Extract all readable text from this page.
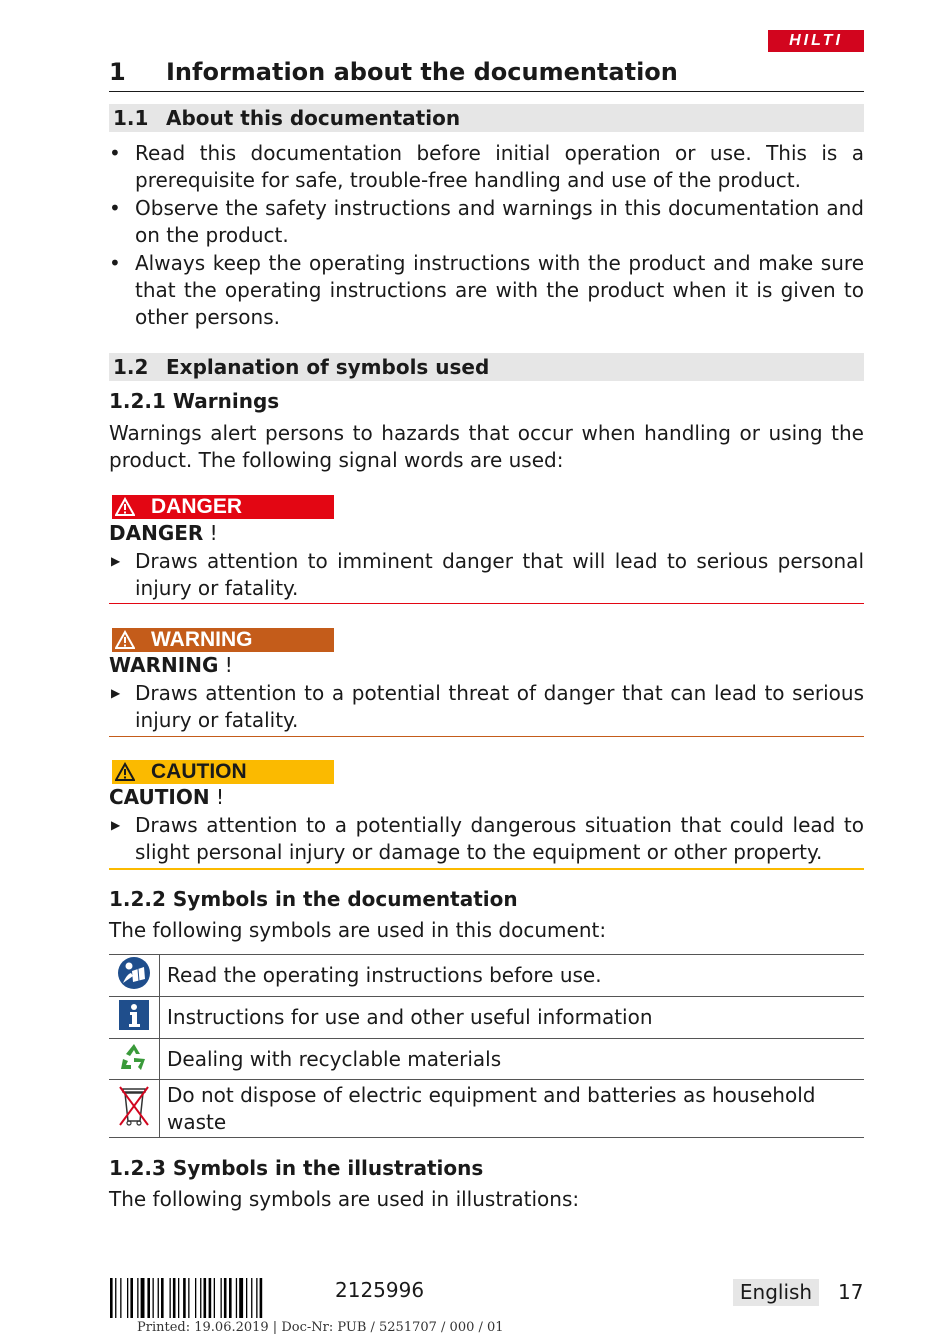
HILTI
1 Information about the documentation
1.1 About this documentation
• Read this documentation before initial operation or use. This is a prerequisite for safe, trouble-free handling and use of the product.
• Observe the safety instructions and warnings in this documentation and on the product.
• Always keep the operating instructions with the product and make sure that the operating instructions are with the product when it is given to other persons.
1.2 Explanation of symbols used
1.2.1 Warnings
Warnings alert persons to hazards that occur when handling or using the product. The following signal words are used:
DANGER
DANGER !
▶ Draws attention to imminent danger that will lead to serious personal injury or fatality.
WARNING
WARNING !
▶ Draws attention to a potential threat of danger that can lead to serious injury or fatality.
CAUTION
CAUTION !
▶ Draws attention to a potentially dangerous situation that could lead to slight personal injury or damage to the equipment or other property.
1.2.2 Symbols in the documentation
The following symbols are used in this document:
	Read the operating instructions before use.
	Instructions for use and other useful information
	Dealing with recyclable materials
	Do not dispose of electric equipment and batteries as household waste
1.2.3 Symbols in the illustrations
The following symbols are used in illustrations:
2125996	English	17
Printed: 19.06.2019 | Doc-Nr: PUB / 5251707 / 000 / 01
